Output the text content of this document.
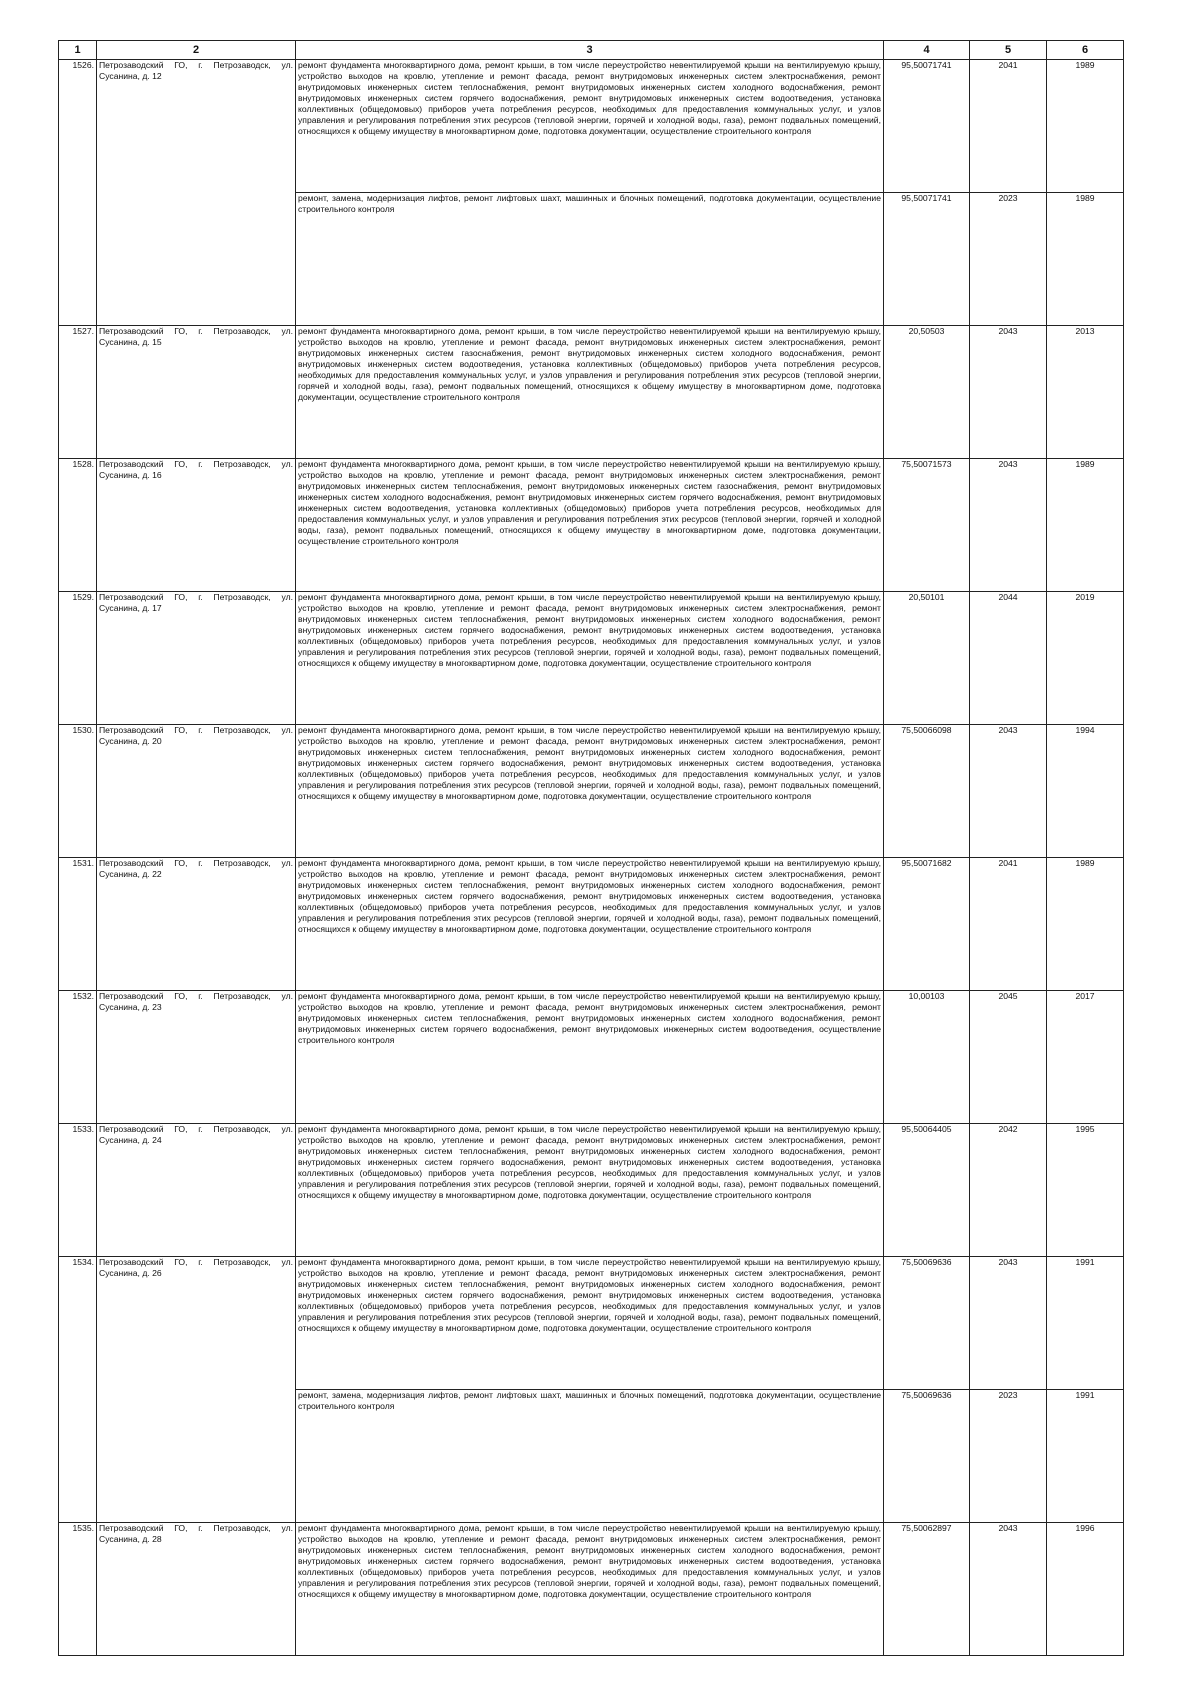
1	2	3	4	5	6
1526.	Петрозаводский ГО, г. Петрозаводск, ул. Сусанина, д. 12	ремонт фундамента многоквартирного дома, ремонт крыши, в том числе переустройство невентилируемой крыши на вентилируемую крышу, устройство выходов на кровлю, утепление и ремонт фасада, ремонт внутридомовых инженерных систем электроснабжения, ремонт внутридомовых инженерных систем теплоснабжения, ремонт внутридомовых инженерных систем холодного водоснабжения, ремонт внутридомовых инженерных систем горячего водоснабжения, ремонт внутридомовых инженерных систем водоотведения, установка коллективных (общедомовых) приборов учета потребления ресурсов, необходимых для предоставления коммунальных услуг, и узлов управления и регулирования потребления этих ресурсов (тепловой энергии, горячей и холодной воды, газа), ремонт подвальных помещений, относящихся к общему имуществу в многоквартирном доме, подготовка документации, осуществление строительного контроля	95,50071741	2041	1989
		ремонт, замена, модернизация лифтов, ремонт лифтовых шахт, машинных и блочных помещений, подготовка документации, осуществление строительного контроля	95,50071741	2023	1989
1527.	Петрозаводский ГО, г. Петрозаводск, ул. Сусанина, д. 15	ремонт фундамента многоквартирного дома, ремонт крыши, в том числе переустройство невентилируемой крыши на вентилируемую крышу, устройство выходов на кровлю, утепление и ремонт фасада, ремонт внутридомовых инженерных систем электроснабжения, ремонт внутридомовых инженерных систем газоснабжения, ремонт внутридомовых инженерных систем холодного водоснабжения, ремонт внутридомовых инженерных систем водоотведения, установка коллективных (общедомовых) приборов учета потребления ресурсов, необходимых для предоставления коммунальных услуг, и узлов управления и регулирования потребления этих ресурсов (тепловой энергии, горячей и холодной воды, газа), ремонт подвальных помещений, относящихся к общему имуществу в многоквартирном доме, подготовка документации, осуществление строительного контроля	20,50503	2043	2013
1528.	Петрозаводский ГО, г. Петрозаводск, ул. Сусанина, д. 16	ремонт фундамента многоквартирного дома, ремонт крыши, в том числе переустройство невентилируемой крыши на вентилируемую крышу, устройство выходов на кровлю, утепление и ремонт фасада, ремонт внутридомовых инженерных систем электроснабжения, ремонт внутридомовых инженерных систем теплоснабжения, ремонт внутридомовых инженерных систем газоснабжения, ремонт внутридомовых инженерных систем холодного водоснабжения, ремонт внутридомовых инженерных систем горячего водоснабжения, ремонт внутридомовых инженерных систем водоотведения, установка коллективных (общедомовых) приборов учета потребления ресурсов, необходимых для предоставления коммунальных услуг, и узлов управления и регулирования потребления этих ресурсов (тепловой энергии, горячей и холодной воды, газа), ремонт подвальных помещений, относящихся к общему имуществу в многоквартирном доме, подготовка документации, осуществление строительного контроля	75,50071573	2043	1989
1529.	Петрозаводский ГО, г. Петрозаводск, ул. Сусанина, д. 17	ремонт фундамента многоквартирного дома, ремонт крыши, в том числе переустройство невентилируемой крыши на вентилируемую крышу, устройство выходов на кровлю, утепление и ремонт фасада, ремонт внутридомовых инженерных систем электроснабжения, ремонт внутридомовых инженерных систем теплоснабжения, ремонт внутридомовых инженерных систем холодного водоснабжения, ремонт внутридомовых инженерных систем горячего водоснабжения, ремонт внутридомовых инженерных систем водоотведения, установка коллективных (общедомовых) приборов учета потребления ресурсов, необходимых для предоставления коммунальных услуг, и узлов управления и регулирования потребления этих ресурсов (тепловой энергии, горячей и холодной воды, газа), ремонт подвальных помещений, относящихся к общему имуществу в многоквартирном доме, подготовка документации, осуществление строительного контроля	20,50101	2044	2019
1530.	Петрозаводский ГО, г. Петрозаводск, ул. Сусанина, д. 20	ремонт фундамента многоквартирного дома, ремонт крыши, в том числе переустройство невентилируемой крыши на вентилируемую крышу, устройство выходов на кровлю, утепление и ремонт фасада, ремонт внутридомовых инженерных систем электроснабжения, ремонт внутридомовых инженерных систем теплоснабжения, ремонт внутридомовых инженерных систем холодного водоснабжения, ремонт внутридомовых инженерных систем горячего водоснабжения, ремонт внутридомовых инженерных систем водоотведения, установка коллективных (общедомовых) приборов учета потребления ресурсов, необходимых для предоставления коммунальных услуг, и узлов управления и регулирования потребления этих ресурсов (тепловой энергии, горячей и холодной воды, газа), ремонт подвальных помещений, относящихся к общему имуществу в многоквартирном доме, подготовка документации, осуществление строительного контроля	75,50066098	2043	1994
1531.	Петрозаводский ГО, г. Петрозаводск, ул. Сусанина, д. 22	ремонт фундамента многоквартирного дома, ремонт крыши, в том числе переустройство невентилируемой крыши на вентилируемую крышу, устройство выходов на кровлю, утепление и ремонт фасада, ремонт внутридомовых инженерных систем электроснабжения, ремонт внутридомовых инженерных систем теплоснабжения, ремонт внутридомовых инженерных систем холодного водоснабжения, ремонт внутридомовых инженерных систем горячего водоснабжения, ремонт внутридомовых инженерных систем водоотведения, установка коллективных (общедомовых) приборов учета потребления ресурсов, необходимых для предоставления коммунальных услуг, и узлов управления и регулирования потребления этих ресурсов (тепловой энергии, горячей и холодной воды, газа), ремонт подвальных помещений, относящихся к общему имуществу в многоквартирном доме, подготовка документации, осуществление строительного контроля	95,50071682	2041	1989
1532.	Петрозаводский ГО, г. Петрозаводск, ул. Сусанина, д. 23	ремонт фундамента многоквартирного дома, ремонт крыши, в том числе переустройство невентилируемой крыши на вентилируемую крышу, устройство выходов на кровлю, утепление и ремонт фасада, ремонт внутридомовых инженерных систем электроснабжения, ремонт внутридомовых инженерных систем теплоснабжения, ремонт внутридомовых инженерных систем холодного водоснабжения, ремонт внутридомовых инженерных систем горячего водоснабжения, ремонт внутридомовых инженерных систем водоотведения, осуществление строительного контроля	10,00103	2045	2017
1533.	Петрозаводский ГО, г. Петрозаводск, ул. Сусанина, д. 24	ремонт фундамента многоквартирного дома, ремонт крыши, в том числе переустройство невентилируемой крыши на вентилируемую крышу, устройство выходов на кровлю, утепление и ремонт фасада, ремонт внутридомовых инженерных систем электроснабжения, ремонт внутридомовых инженерных систем теплоснабжения, ремонт внутридомовых инженерных систем холодного водоснабжения, ремонт внутридомовых инженерных систем горячего водоснабжения, ремонт внутридомовых инженерных систем водоотведения, установка коллективных (общедомовых) приборов учета потребления ресурсов, необходимых для предоставления коммунальных услуг, и узлов управления и регулирования потребления этих ресурсов (тепловой энергии, горячей и холодной воды, газа), ремонт подвальных помещений, относящихся к общему имуществу в многоквартирном доме, подготовка документации, осуществление строительного контроля	95,50064405	2042	1995
1534.	Петрозаводский ГО, г. Петрозаводск, ул. Сусанина, д. 26	ремонт фундамента многоквартирного дома, ремонт крыши, в том числе переустройство невентилируемой крыши на вентилируемую крышу, устройство выходов на кровлю, утепление и ремонт фасада, ремонт внутридомовых инженерных систем электроснабжения, ремонт внутридомовых инженерных систем теплоснабжения, ремонт внутридомовых инженерных систем холодного водоснабжения, ремонт внутридомовых инженерных систем горячего водоснабжения, ремонт внутридомовых инженерных систем водоотведения, установка коллективных (общедомовых) приборов учета потребления ресурсов, необходимых для предоставления коммунальных услуг, и узлов управления и регулирования потребления этих ресурсов (тепловой энергии, горячей и холодной воды, газа), ремонт подвальных помещений, относящихся к общему имуществу в многоквартирном доме, подготовка документации, осуществление строительного контроля	75,50069636	2043	1991
		ремонт, замена, модернизация лифтов, ремонт лифтовых шахт, машинных и блочных помещений, подготовка документации, осуществление строительного контроля	75,50069636	2023	1991
1535.	Петрозаводский ГО, г. Петрозаводск, ул. Сусанина, д. 28	ремонт фундамента многоквартирного дома, ремонт крыши, в том числе переустройство невентилируемой крыши на вентилируемую крышу, устройство выходов на кровлю, утепление и ремонт фасада, ремонт внутридомовых инженерных систем электроснабжения, ремонт внутридомовых инженерных систем теплоснабжения, ремонт внутридомовых инженерных систем холодного водоснабжения, ремонт внутридомовых инженерных систем горячего водоснабжения, ремонт внутридомовых инженерных систем водоотведения, установка коллективных (общедомовых) приборов учета потребления ресурсов, необходимых для предоставления коммунальных услуг, и узлов управления и регулирования потребления этих ресурсов (тепловой энергии, горячей и холодной воды, газа), ремонт подвальных помещений, относящихся к общему имуществу в многоквартирном доме, подготовка документации, осуществление строительного контроля	75,50062897	2043	1996
